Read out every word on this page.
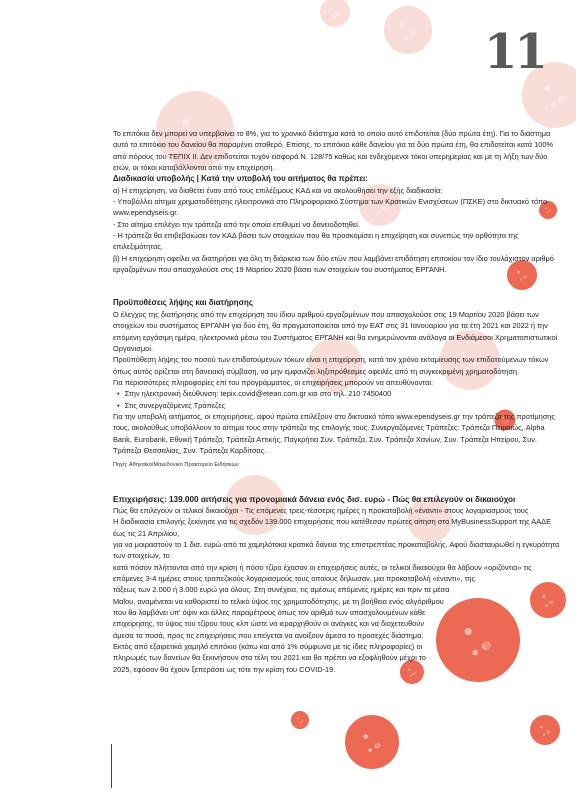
11

Το επιτόκιο δεν μπορεί να υπερβαίνει το 8%, για το χρονικό διάστημα κατά το οποίο αυτό επιδοτείται (δύο πρώτα έτη). Για το διάστημα αυτό το επιτόκιο του δανείου θα παραμένει σταθερό. Επίσης, το επιτόκιο κάθε δανείου για τα δύο πρώτα έτη, θα επιδοτείται κατά 100% από πόρους του ΤΕΠΙΧ ΙΙ. Δεν επιδοτείται τυχόν εισφορά Ν. 128/75 καθώς και ενδεχόμενοι τόκοι υπερημερίας και με τη λήξη των δύο ετών, οι τόκοι καταβάλλονται από την επιχείρηση.

Διαδικασία υποβολής | Κατά την υποβολή του αιτήματος θα πρέπει:

α) Η επιχείρηση, να διαθέτει έναν από τους επιλέξιμους ΚΑΔ και να ακολουθήσει την εξής διαδικασία:

- Υποβάλλει αίτημα χρηματοδότησης ηλεκτρονικά στο Πληροφοριακό Σύστημα των Κρατικών Ενισχύσεων (ΠΣΚΕ) στο δικτυακό τόπο www.ependyseis.gr.

- Στο αίτημα επιλέγει την τράπεζα από την οποία επιθυμεί να δανειοδοτηθεί.

- Η τράπεζα θα επιβεβαιώσει τον ΚΑΔ βάσει των στοιχείων που θα προσκομίσει η επιχείρηση και συνεπώς την ορθότητα της επιλεξιμότητας.

β) Η επιχείρηση οφείλει να διατηρήσει για όλη τη διάρκεια των δύο ετών που λαμβάνει επιδότηση επιτοκίου τον ίδιο τουλάχιστον αριθμό εργαζομένων που απασχολούσε στις 19 Μαρτίου 2020 βάσει των στοιχείων του συστήματος ΕΡΓΑΝΗ.

Προϋποθέσεις λήψης και διατήρησης

Ο έλεγχος της διατήρησης από την επιχείρηση του ίδιου αριθμού εργαζομένων που απασχολούσε στις 19 Μαρτίου 2020 βάσει των στοιχείων του συστήματος ΕΡΓΑΝΗ για δύο έτη, θα πραγματοποιείται από την ΕΑΤ στις 31 Ιανουαρίου για τα έτη 2021 και 2022 ή την επόμενη εργάσιμη ημέρα, ηλεκτρονικά μέσω του Συστήματος ΕΡΓΑΝΗ και θα ενημερώνονται ανάλογα οι Ενδιάμεσοι Χρηματοπιστωτικοί Οργανισμοί.

Προϋπόθεση λήψης του ποσού των επιδοτούμενων τόκων είναι η επιχείρηση, κατά τον χρόνο εκταμίευσης των επιδοτούμενων τόκων όπως αυτός ορίζεται στη δανειακή σύμβαση, να μην εμφανίζει ληξιπρόθεσμες οφειλές από τη συγκεκριμένη χρηματοδότηση.

Για περισσότερες πληροφορίες επί του προγράμματος, οι επιχειρήσεις μπορούν να απευθύνονται:

• Στην ηλεκτρονική διεύθυνση: tepix.covid@etean.com.gr και στο τηλ. 210 7450400

• Στις συνεργαζόμενες Τράπεζες

Για την υποβολή αιτήματος, οι επιχειρήσεις, αφού πρώτα επιλέξουν στο δικτυακό τόπο www.ependyseis.gr την τράπεζα της προτίμησης τους, ακολούθως υποβάλλουν το αίτημα τους στην τράπεζα της επιλογής τους. Συνεργαζόμενες Τράπεζες: Τράπεζα Πειραιώς, Alpha Bank, Eurobank, Εθνική Τράπεζα, Τράπεζα Αττικής, Παγκρήτια Συν. Τράπεζα, Συν. Τράπεζα Χανίων, Συν. Τράπεζα Ηπείρου, Συν. Τράπεζα Θεσσαλίας, Συν. Τράπεζα Καρδίτσας.

Πηγή: Αθηναϊκό/Μακεδονικό Πρακτορείο Ειδήσεων

Επιχειρήσεις: 139.000 αιτήσεις για προνομιακά δάνεια ενός δισ. ευρώ - Πώς θα επιλεγούν οι δικαιούχοι

Πώς θα επιλεγούν οι τελικοί δικαιούχοι - Τις επόμενες τρεις-τέσσερις ημέρες η προκαταβολή «έναντι» στους λογαριασμούς τους

Η διαδικασία επιλογής ξεκίνησε για τις σχεδόν 139.000 επιχειρήσεις που κατέθεσαν πρώτες αίτηση στο MyBusinessSupport της ΑΑΔΕ έως τις 21 Απριλίου,

για να μοιραστούν το 1 δισ. ευρώ από τα χαμηλότοκα κρατικά δάνεια της επιστρεπτέας προκαταβολής. Αφού διασταυρωθεί η εγκυρότητα των στοιχείων, το

κατά πόσον πλήττονται από την κρίση ή πόσο τζίρο έχασαν οι επιχειρήσεις αυτές, οι τελικοί δικαιούχοι θα λάβουν «οριζόντια» τις

επόμενες 3-4 ημέρες στους τραπεζικούς λογαριασμούς τους οποίους δήλωσαν, μια προκαταβολή «έναντι», της

τάξεως των 2.000 ή 3.000 ευρώ για όλους. Στη συνέχεια, τις αμέσως επόμενες ημέρες και πριν τα μέσα

Μαΐου, αναμένεται να καθοριστεί το τελικό ύψος της χρηματοδότησης, με τη βοήθεια ενός αλγόριθμου

που θα λαμβάνει υπ' όψιν και άλλες παραμέτρους όπως τον αριθμό των απασχολουμένων κάθε

επιχείρησης, το ύψος του τζίρου τους κλπ ώστε να ιεραρχηθούν οι ανάγκες και να διοχετευθούν

άμεσα τα ποσά, προς τις επιχειρήσεις που επείγεται να ανοίξουν άμεσα το προσεχές διάστημα.

Εκτός από εξαιρετικά χαμηλό επιτόκιο (κάτω και από 1% σύμφωνα με τις ίδιες πληροφορίες) οι

πληρωμές των δανείων θα ξεκινήσουν στα τέλη του 2021 και θα πρέπει να εξοφληθούν μέχρι το

2025, εφόσον θα έχουν ξεπεράσει ως τότε την κρίση του COVID-19.
